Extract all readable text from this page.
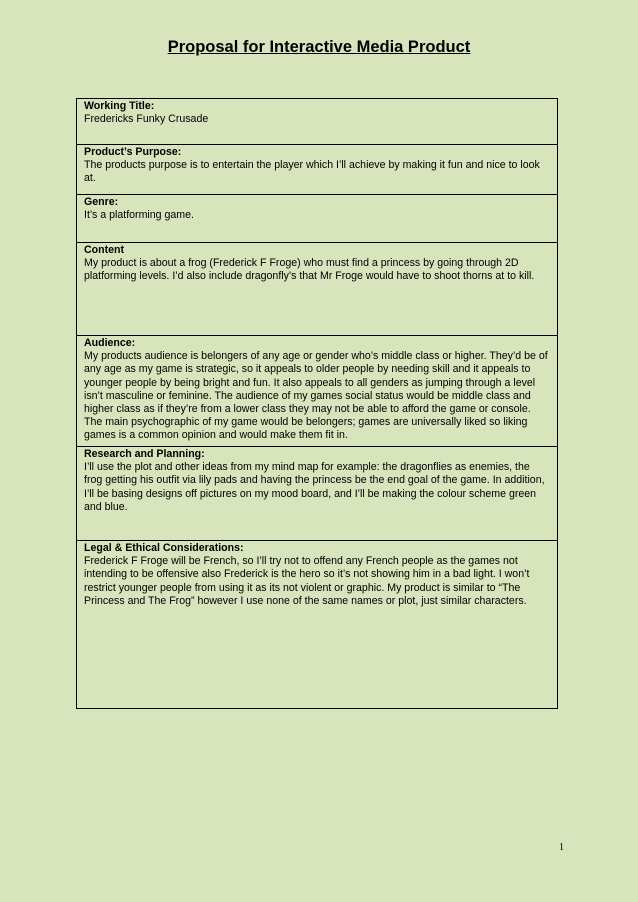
Proposal for Interactive Media Product
Working Title:
Fredericks Funky Crusade
Product’s Purpose:
The products purpose is to entertain the player which I’ll achieve by making it fun and nice to look at.
Genre:
It’s a platforming game.
Content
My product is about a frog (Frederick F Froge) who must find a princess by going through 2D platforming levels. I’d also include dragonfly’s that Mr Froge would have to shoot thorns at to kill.
Audience:
My products audience is belongers of any age or gender who’s middle class or higher. They’d be of any age as my game is strategic, so it appeals to older people by needing skill and it appeals to younger people by being bright and fun. It also appeals to all genders as jumping through a level isn’t masculine or feminine. The audience of my games social status would be middle class and higher class as if they’re from a lower class they may not be able to afford the game or console. The main psychographic of my game would be belongers; games are universally liked so liking games is a common opinion and would make them fit in.
Research and Planning:
I’ll use the plot and other ideas from my mind map for example: the dragonflies as enemies, the frog getting his outfit via lily pads and having the princess be the end goal of the game. In addition, I’ll be basing designs off pictures on my mood board, and I’ll be making the colour scheme green and blue.
Legal & Ethical Considerations:
Frederick F Froge will be French, so I’ll try not to offend any French people as the games not intending to be offensive also Frederick is the hero so it’s not showing him in a bad light. I won’t restrict younger people from using it as its not violent or graphic. My product is similar to “The Princess and The Frog” however I use none of the same names or plot, just similar characters.
1
